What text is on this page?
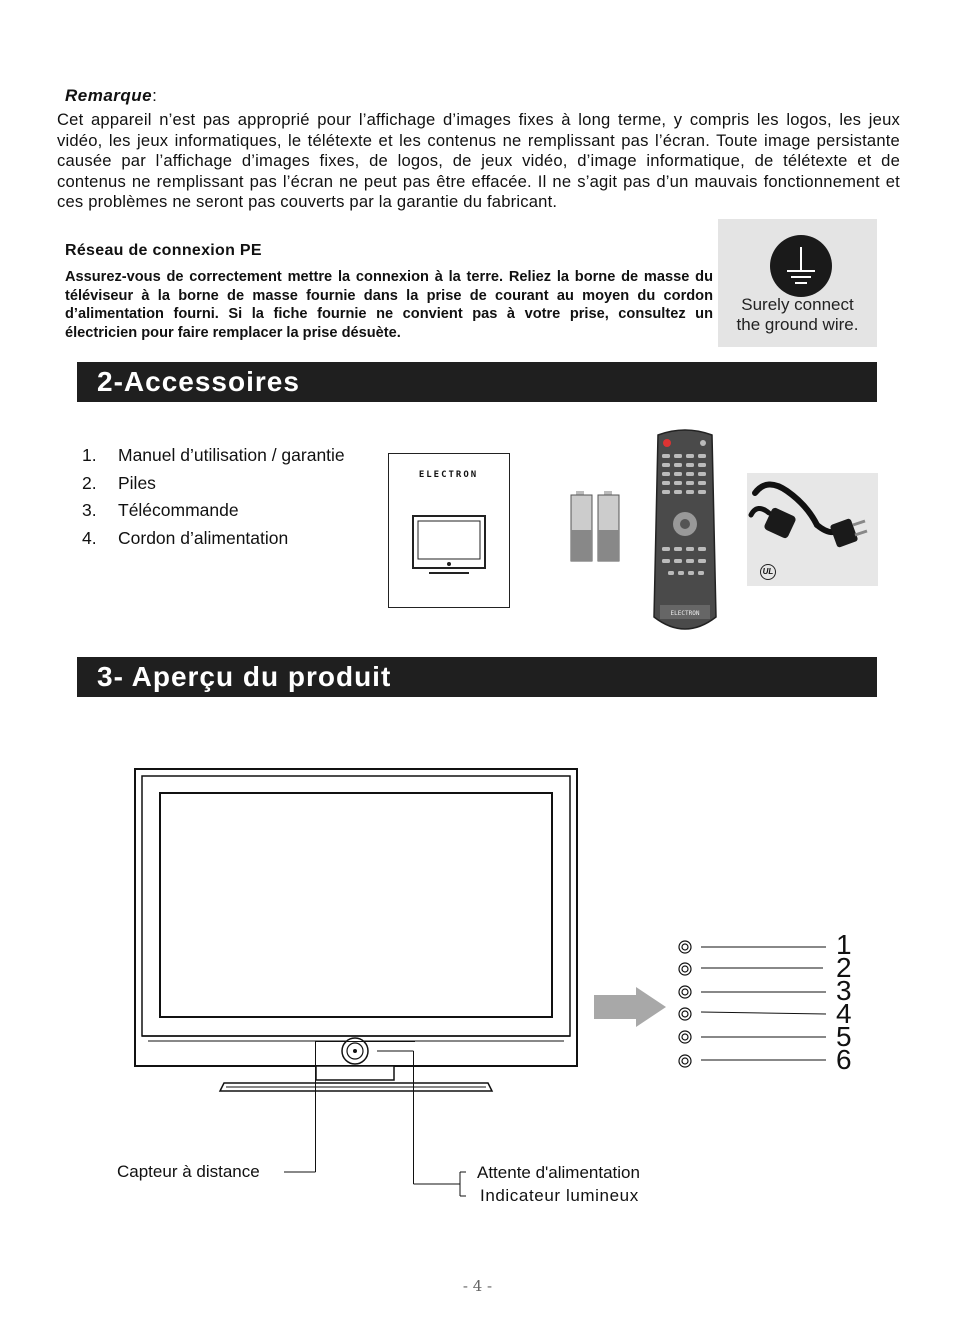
Remarque:
Cet appareil n’est pas approprié pour l’affichage d’images fixes à long terme, y compris les logos, les jeux vidéo, les jeux informatiques, le télétexte et les contenus ne remplissant pas l’écran. Toute image persistante causée par l’affichage d’images fixes, de logos, de jeux vidéo, d’image informatique, de télétexte et de contenus ne remplissant pas l’écran ne peut pas être effacée. Il ne s’agit pas d’un mauvais fonctionnement et ces problèmes ne seront pas couverts par la garantie du fabricant.
Réseau de connexion PE
Assurez-vous de correctement mettre la connexion à la terre. Reliez la borne de masse du téléviseur à la borne de masse fournie dans la prise de courant au moyen du cordon d’alimentation fourni. Si la fiche fournie ne convient pas à votre prise, consultez un électricien pour faire remplacer la prise désuète.
Surely connect
the ground wire.
2-Accessoires
1.	Manuel d’utilisation / garantie
2.	Piles
3.	Télécommande
4.	Cordon d’alimentation
ELECTRON
ELECTRON
UL
3- Aperçu du produit
Capteur à distance	Attente d'alimentation
Indicateur lumineux
1
2
3
4
5
6
- 4 -
